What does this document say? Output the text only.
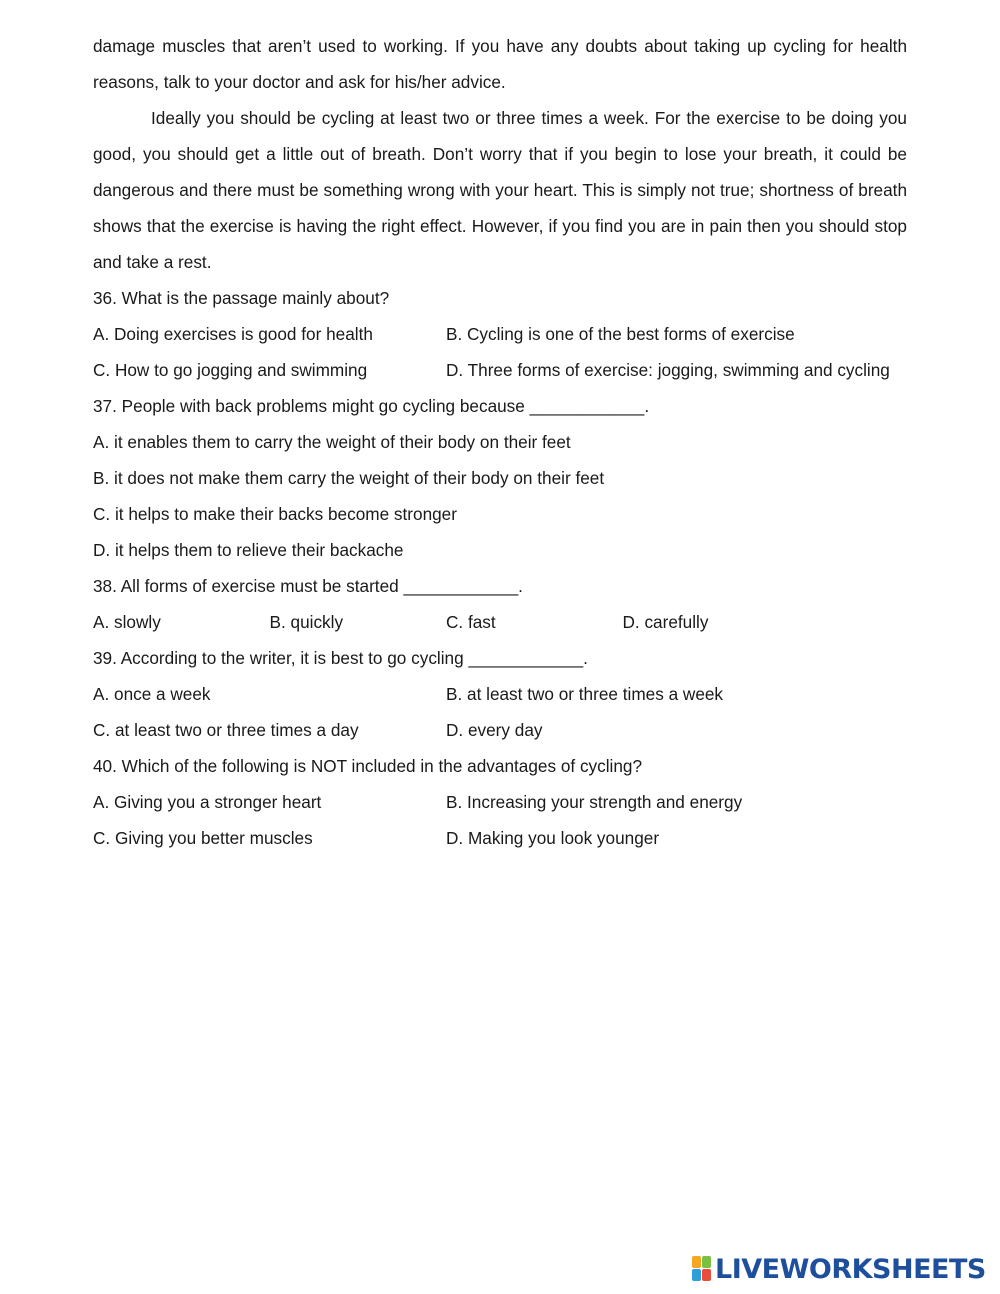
damage muscles that aren’t used to working. If you have any doubts about taking up cycling for health reasons, talk to your doctor and ask for his/her advice.

Ideally you should be cycling at least two or three times a week. For the exercise to be doing you good, you should get a little out of breath. Don’t worry that if you begin to lose your breath, it could be dangerous and there must be something wrong with your heart. This is simply not true; shortness of breath shows that the exercise is having the right effect. However, if you find you are in pain then you should stop and take a rest.

36. What is the passage mainly about?
A. Doing exercises is good for health	B. Cycling is one of the best forms of exercise
C. How to go jogging and swimming	D. Three forms of exercise: jogging, swimming and cycling
37. People with back problems might go cycling because ____________.
A. it enables them to carry the weight of their body on their feet
B. it does not make them carry the weight of their body on their feet
C. it helps to make their backs become stronger
D. it helps them to relieve their backache
38. All forms of exercise must be started ____________.
A. slowly	B. quickly	C. fast	D. carefully
39. According to the writer, it is best to go cycling ____________.
A. once a week	B. at least two or three times a week
C. at least two or three times a day	D. every day
40. Which of the following is NOT included in the advantages of cycling?
A. Giving you a stronger heart	B. Increasing your strength and energy
C. Giving you better muscles	D. Making you look younger
LIVEWORKSHEETS
